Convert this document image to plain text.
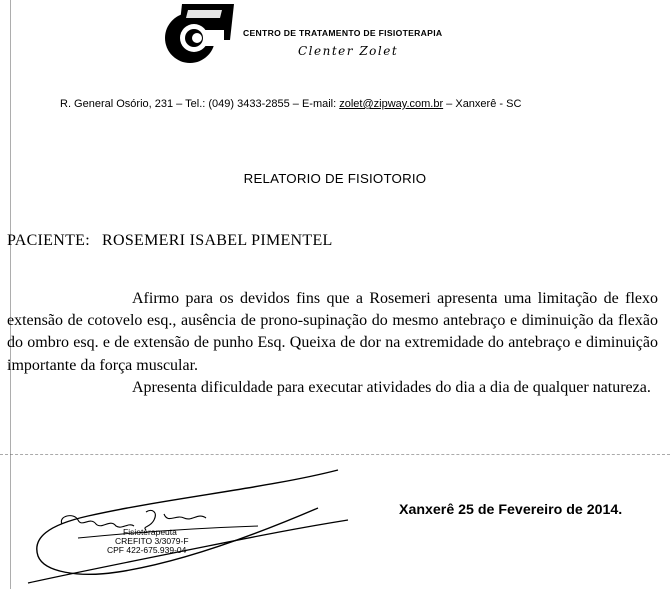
CENTRO DE TRATAMENTO DE FISIOTERAPIA
Clenter Zolet
R. General Osório, 231 – Tel.: (049) 3433-2855 – E-mail: zolet@zipway.com.br – Xanxerê - SC
RELATORIO DE FISIOTORIO
PACIENTE: ROSEMERI ISABEL PIMENTEL

Afirmo para os devidos fins que a Rosemeri apresenta uma limitação de flexo extensão de cotovelo esq., ausência de prono-supinação do mesmo antebraço e diminuição da flexão do ombro esq. e de extensão de punho Esq. Queixa de dor na extremidade do antebraço e diminuição importante da força muscular.

Apresenta dificuldade para executar atividades do dia a dia de qualquer natureza.

Xanxerê 25 de Fevereiro de 2014.
Fisioterapeuta
CREFITO 3/3079-F
CPF 422-675.939-04
